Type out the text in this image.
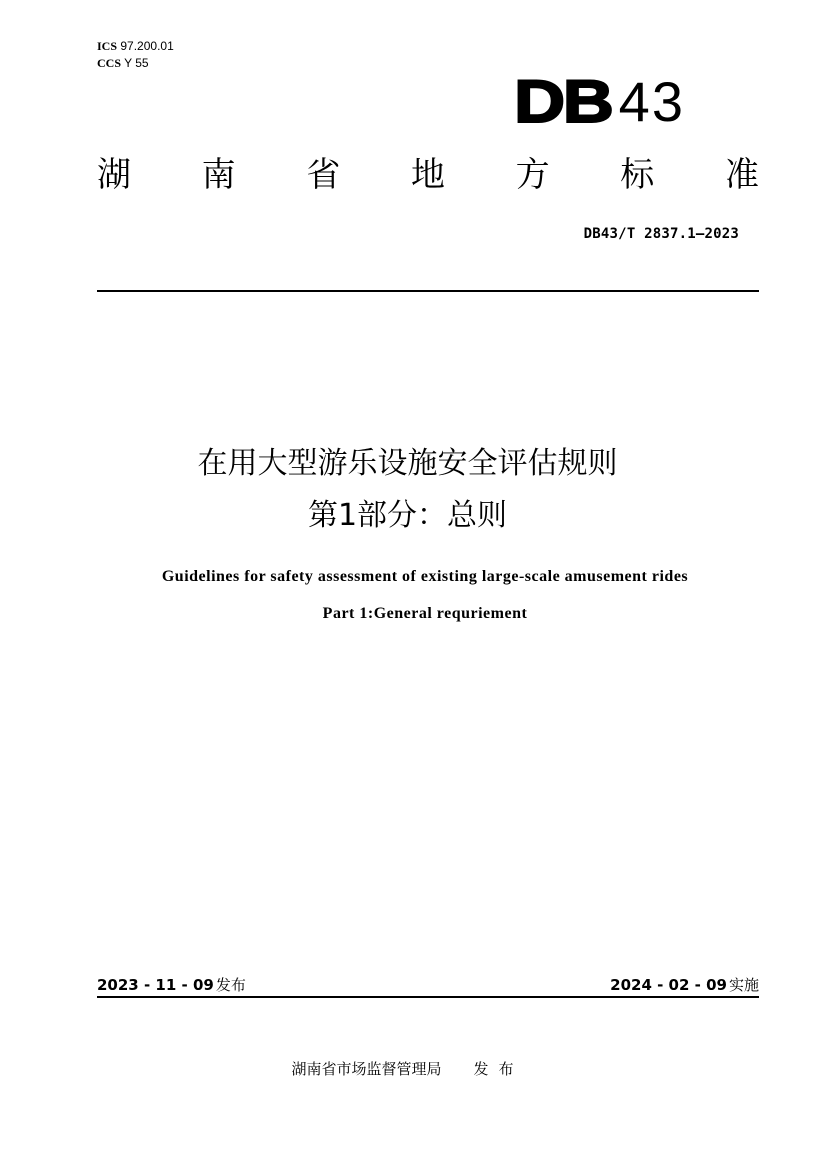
ICS 97.200.01
CCS Y 55
DB 43
湖 南 省 地 方 标 准
DB43/T 2837.1—2023
在用大型游乐设施安全评估规则
第1部分：总则
Guidelines for safety assessment of existing large-scale amusement rides
Part 1:General requriement
2023 - 11 - 09 发布	2024 - 02 - 09 实施
湖南省市场监督管理局 发布
